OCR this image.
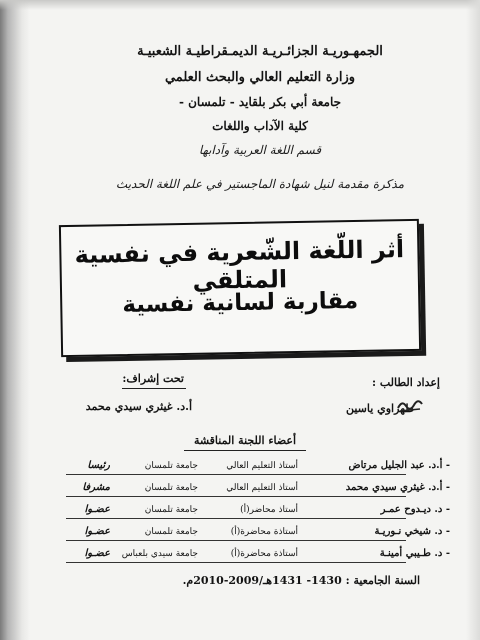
الجمهـوريـة الجزائـريـة الديمـقراطيـة الشعبيـة
وزارة التعليم العالي والبحث العلمي
جامعة أبي بكر بلقايد - تلمسان -
كلية الآداب واللغات
قسم اللغة العربية وآدابها
مذكرة مقدمة لنيل شهادة الماجستير في علم اللغة الحديث
أثر اللّغة الشّعرية في نفسية المتلقي
مقاربة لسانية نفسية
إعداد الطالب :
طهراوي ياسين
تحت إشراف:
أ.د. غيثري سيدي محمد
أعضاء اللجنة المناقشة
- أ.د. عبد الجليل مرتاض
أستاذ التعليم العالي
جامعة تلمسان
رئيسا
- أ.د. غيثري سيدي محمد
أستاذ التعليم العالي
جامعة تلمسان
مشرفا
- د. ديـدوح عمـر
أستاذ محاضر(أ)
جامعة تلمسان
عضـوا
- د. شيخي نـوريـة
أستاذة محاضرة(أ)
جامعة تلمسان
عضـوا
- د. طـيبي أمينـة
أستاذة محاضرة(أ)
جامعة سيدي بلعباس
عضـوا
السنة الجامعية : 1430- 1431هـ/2009-2010م.
